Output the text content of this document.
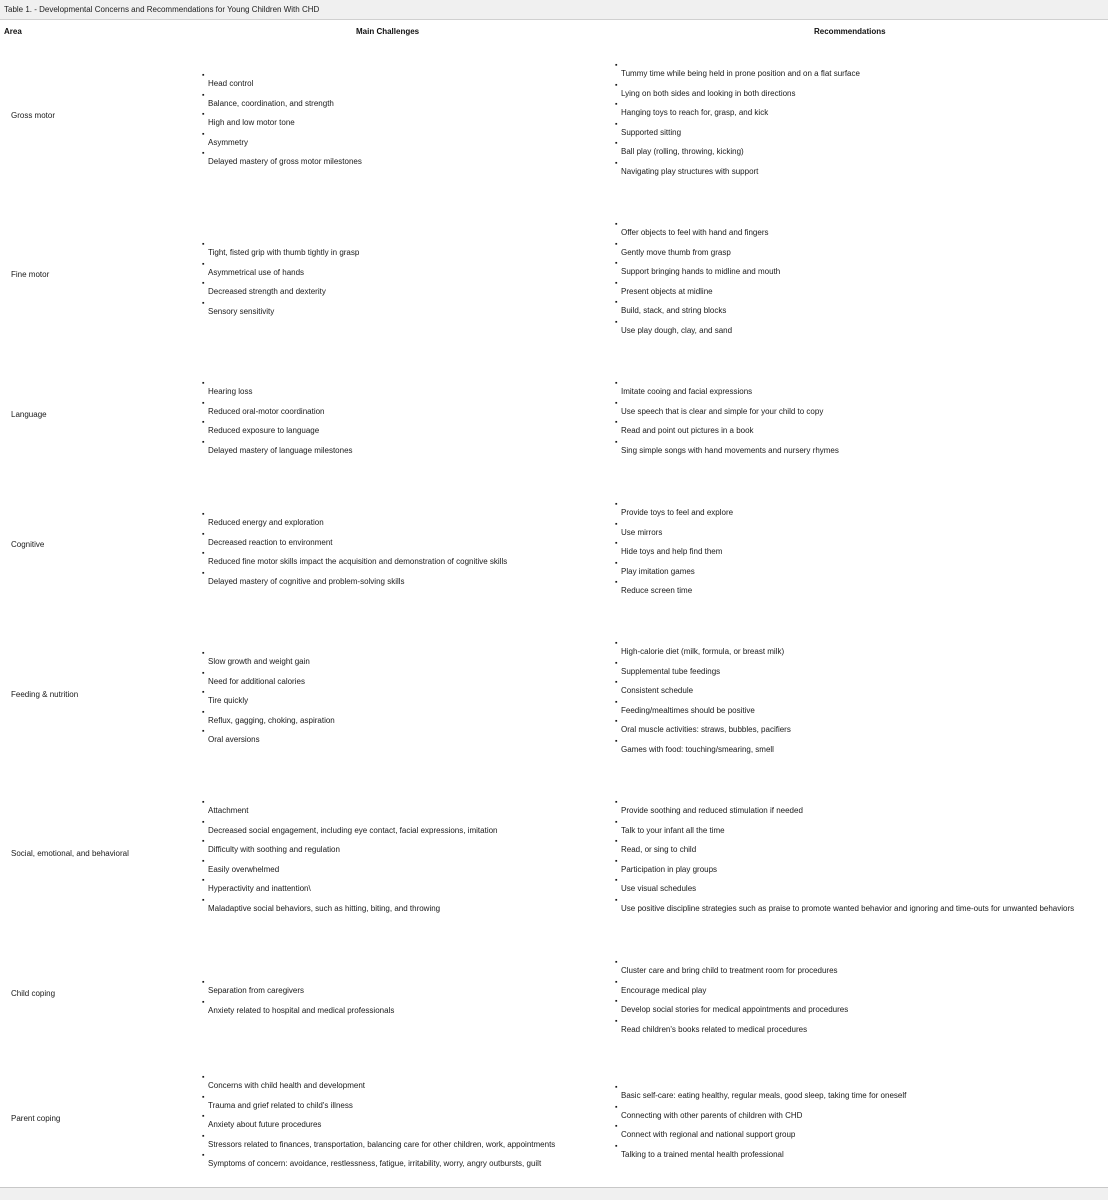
Table 1. - Developmental Concerns and Recommendations for Young Children With CHD
Area	Main Challenges	Recommendations
Gross motor
▪
Head control
▪
Balance, coordination, and strength
▪
High and low motor tone
▪
Asymmetry
▪
Delayed mastery of gross motor milestones
▪
Tummy time while being held in prone position and on a flat surface
▪
Lying on both sides and looking in both directions
▪
Hanging toys to reach for, grasp, and kick
▪
Supported sitting
▪
Ball play (rolling, throwing, kicking)
▪
Navigating play structures with support
Fine motor
▪
Tight, fisted grip with thumb tightly in grasp
▪
Asymmetrical use of hands
▪
Decreased strength and dexterity
▪
Sensory sensitivity
▪
Offer objects to feel with hand and fingers
▪
Gently move thumb from grasp
▪
Support bringing hands to midline and mouth
▪
Present objects at midline
▪
Build, stack, and string blocks
▪
Use play dough, clay, and sand
Language
▪
Hearing loss
▪
Reduced oral-motor coordination
▪
Reduced exposure to language
▪
Delayed mastery of language milestones
▪
Imitate cooing and facial expressions
▪
Use speech that is clear and simple for your child to copy
▪
Read and point out pictures in a book
▪
Sing simple songs with hand movements and nursery rhymes
Cognitive
▪
Reduced energy and exploration
▪
Decreased reaction to environment
▪
Reduced fine motor skills impact the acquisition and demonstration of cognitive skills
▪
Delayed mastery of cognitive and problem-solving skills
▪
Provide toys to feel and explore
▪
Use mirrors
▪
Hide toys and help find them
▪
Play imitation games
▪
Reduce screen time
Feeding & nutrition
▪
Slow growth and weight gain
▪
Need for additional calories
▪
Tire quickly
▪
Reflux, gagging, choking, aspiration
▪
Oral aversions
▪
High-calorie diet (milk, formula, or breast milk)
▪
Supplemental tube feedings
▪
Consistent schedule
▪
Feeding/mealtimes should be positive
▪
Oral muscle activities: straws, bubbles, pacifiers
▪
Games with food: touching/smearing, smell
Social, emotional, and behavioral
▪
Attachment
▪
Decreased social engagement, including eye contact, facial expressions, imitation
▪
Difficulty with soothing and regulation
▪
Easily overwhelmed
▪
Hyperactivity and inattention\
▪
Maladaptive social behaviors, such as hitting, biting, and throwing
▪
Provide soothing and reduced stimulation if needed
▪
Talk to your infant all the time
▪
Read, or sing to child
▪
Participation in play groups
▪
Use visual schedules
▪
Use positive discipline strategies such as praise to promote wanted behavior and ignoring and time-outs for unwanted behaviors
Child coping
▪
Separation from caregivers
▪
Anxiety related to hospital and medical professionals
▪
Cluster care and bring child to treatment room for procedures
▪
Encourage medical play
▪
Develop social stories for medical appointments and procedures
▪
Read children's books related to medical procedures
Parent coping
▪
Concerns with child health and development
▪
Trauma and grief related to child's illness
▪
Anxiety about future procedures
▪
Stressors related to finances, transportation, balancing care for other children, work, appointments
▪
Symptoms of concern: avoidance, restlessness, fatigue, irritability, worry, angry outbursts, guilt
▪
Basic self-care: eating healthy, regular meals, good sleep, taking time for oneself
▪
Connecting with other parents of children with CHD
▪
Connect with regional and national support group
▪
Talking to a trained mental health professional
